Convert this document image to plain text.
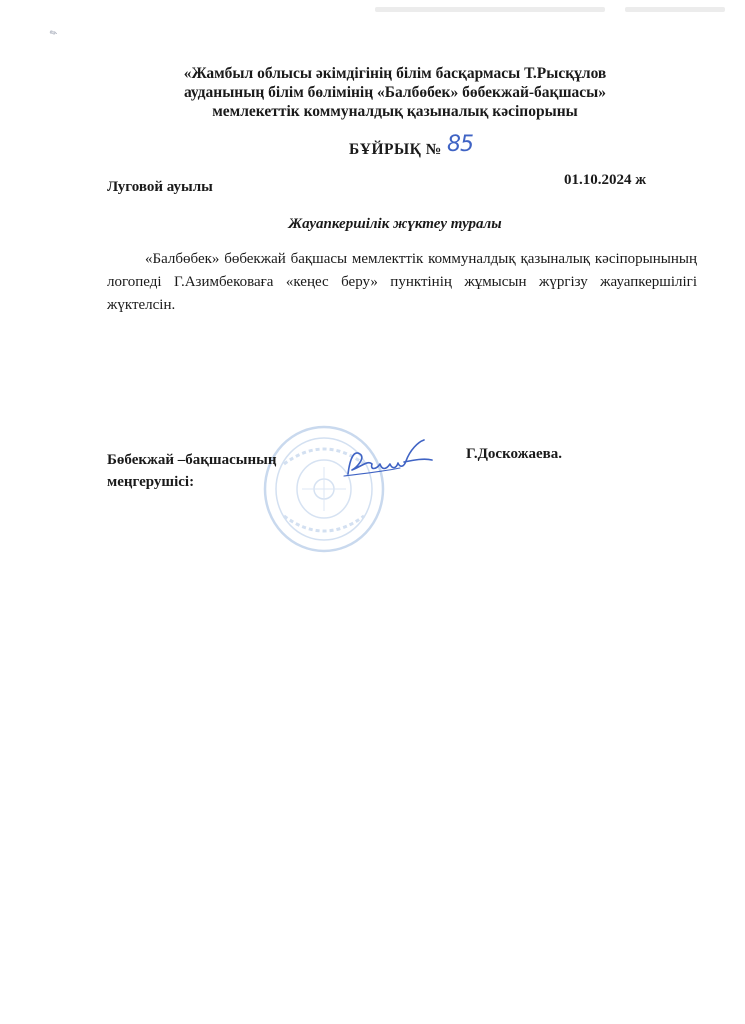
✎
«Жамбыл облысы әкімдігінің білім басқармасы Т.Рысқұлов
ауданының білім бөлімінің «Балбөбек» бөбекжай-бақшасы»
мемлекеттік коммуналдық қазыналық кәсіпорыны
БҰЙРЫҚ № 85
Луговой ауылы	01.10.2024 ж
Жауапкершілік жүктеу туралы
«Балбөбек» бөбекжай бақшасы мемлекттік коммуналдық қазыналық кәсіпорынының логопеді Г.Азимбековаға «кеңес беру» пунктінің жұмысын жүргізу жауапкершілігі жүктелсін.
Бөбекжай –бақшасының
меңгерушісі:
Г.Доскожаева.
